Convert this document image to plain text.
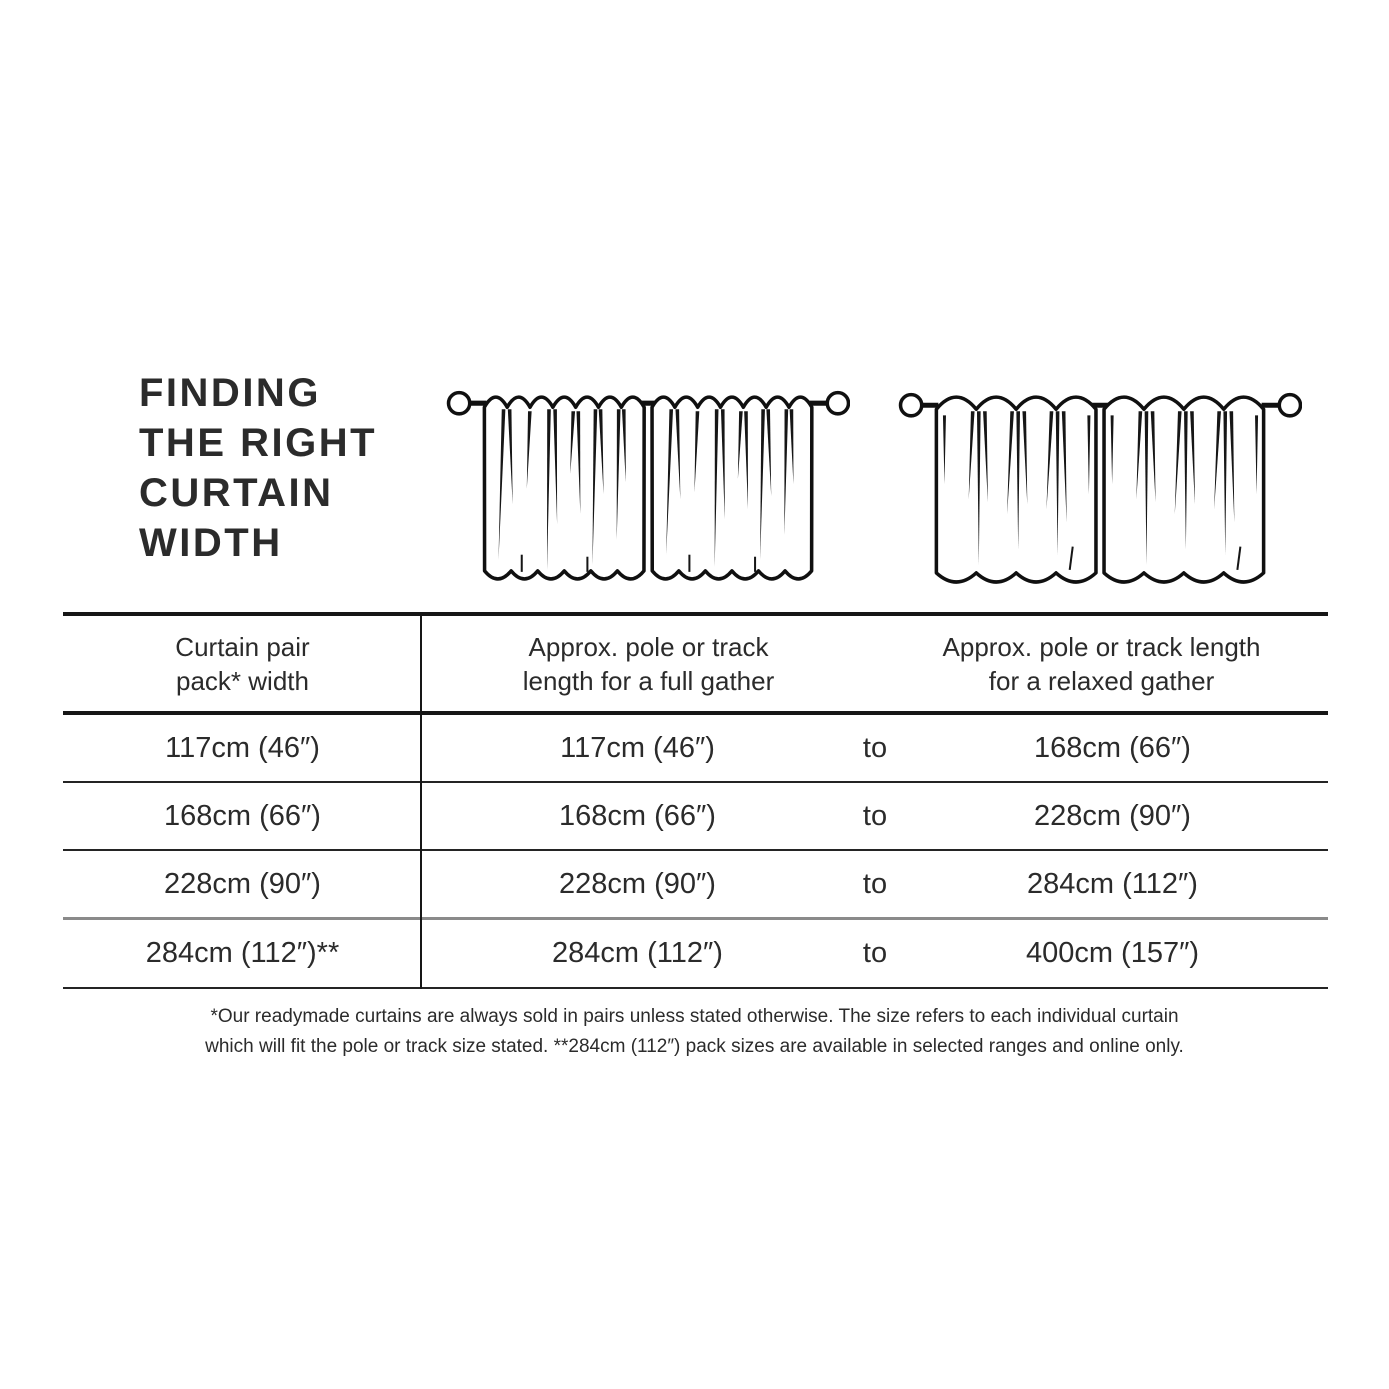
FINDING
THE RIGHT
CURTAIN
WIDTH
Curtain pair
pack* width
Approx. pole or track
length for a full gather
Approx. pole or track length
for a relaxed gather
117cm (46″)	117cm (46″)	to	168cm (66″)
168cm (66″)	168cm (66″)	to	228cm (90″)
228cm (90″)	228cm (90″)	to	284cm (112″)
284cm (112″)**	284cm (112″)	to	400cm (157″)
*Our readymade curtains are always sold in pairs unless stated otherwise. The size refers to each individual curtain
which will fit the pole or track size stated. **284cm (112″) pack sizes are available in selected ranges and online only.
